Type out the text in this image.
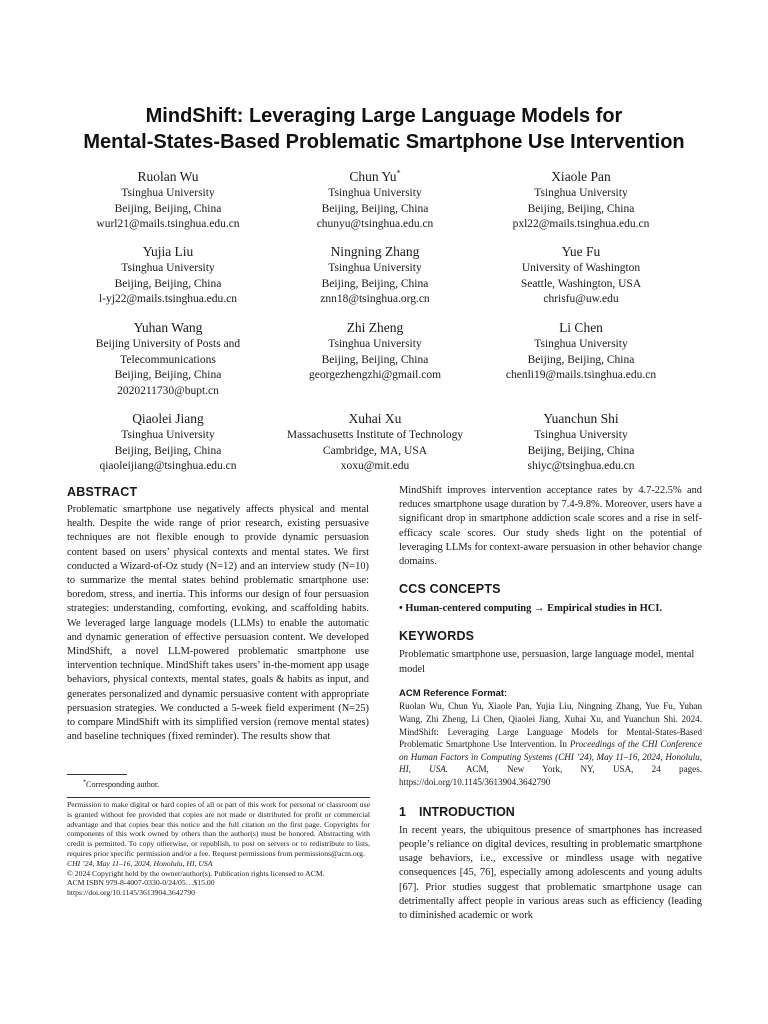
MindShift: Leveraging Large Language Models for
Mental-States-Based Problematic Smartphone Use Intervention
Ruolan Wu
Tsinghua University
Beijing, Beijing, China
wurl21@mails.tsinghua.edu.cn
Chun Yu*
Tsinghua University
Beijing, Beijing, China
chunyu@tsinghua.edu.cn
Xiaole Pan
Tsinghua University
Beijing, Beijing, China
pxl22@mails.tsinghua.edu.cn
Yujia Liu
Tsinghua University
Beijing, Beijing, China
l-yj22@mails.tsinghua.edu.cn
Ningning Zhang
Tsinghua University
Beijing, Beijing, China
znn18@tsinghua.org.cn
Yue Fu
University of Washington
Seattle, Washington, USA
chrisfu@uw.edu
Yuhan Wang
Beijing University of Posts and
Telecommunications
Beijing, Beijing, China
2020211730@bupt.cn
Zhi Zheng
Tsinghua University
Beijing, Beijing, China
georgezhengzhi@gmail.com
Li Chen
Tsinghua University
Beijing, Beijing, China
chenli19@mails.tsinghua.edu.cn
Qiaolei Jiang
Tsinghua University
Beijing, Beijing, China
qiaoleijiang@tsinghua.edu.cn
Xuhai Xu
Massachusetts Institute of Technology
Cambridge, MA, USA
xoxu@mit.edu
Yuanchun Shi
Tsinghua University
Beijing, Beijing, China
shiyc@tsinghua.edu.cn
ABSTRACT
Problematic smartphone use negatively affects physical and mental health. Despite the wide range of prior research, existing persuasive techniques are not flexible enough to provide dynamic persuasion content based on users’ physical contexts and mental states. We first conducted a Wizard-of-Oz study (N=12) and an interview study (N=10) to summarize the mental states behind problematic smartphone use: boredom, stress, and inertia. This informs our design of four persuasion strategies: understanding, comforting, evoking, and scaffolding habits. We leveraged large language models (LLMs) to enable the automatic and dynamic generation of effective persuasion content. We developed MindShift, a novel LLM-powered problematic smartphone use intervention technique. MindShift takes users’ in-the-moment app usage behaviors, physical contexts, mental states, goals & habits as input, and generates personalized and dynamic persuasive content with appropriate persuasion strategies. We conducted a 5-week field experiment (N=25) to compare MindShift with its simplified version (remove mental states) and baseline techniques (fixed reminder). The results show that
*Corresponding author.
Permission to make digital or hard copies of all or part of this work for personal or classroom use is granted without fee provided that copies are not made or distributed for profit or commercial advantage and that copies bear this notice and the full citation on the first page. Copyrights for components of this work owned by others than the author(s) must be honored. Abstracting with credit is permitted. To copy otherwise, or republish, to post on servers or to redistribute to lists, requires prior specific permission and/or a fee. Request permissions from permissions@acm.org.
CHI ’24, May 11–16, 2024, Honolulu, HI, USA
© 2024 Copyright held by the owner/author(s). Publication rights licensed to ACM.
ACM ISBN 979-8-4007-0330-0/24/05…$15.00
https://doi.org/10.1145/3613904.3642790
MindShift improves intervention acceptance rates by 4.7-22.5% and reduces smartphone usage duration by 7.4-9.8%. Moreover, users have a significant drop in smartphone addiction scale scores and a rise in self-efficacy scale scores. Our study sheds light on the potential of leveraging LLMs for context-aware persuasion in other behavior change domains.
CCS CONCEPTS
• Human-centered computing → Empirical studies in HCI.
KEYWORDS
Problematic smartphone use, persuasion, large language model, mental model
ACM Reference Format:
Ruolan Wu, Chun Yu, Xiaole Pan, Yujia Liu, Ningning Zhang, Yue Fu, Yuhan Wang, Zhi Zheng, Li Chen, Qiaolei Jiang, Xuhai Xu, and Yuanchun Shi. 2024. MindShift: Leveraging Large Language Models for Mental-States-Based Problematic Smartphone Use Intervention. In Proceedings of the CHI Conference on Human Factors in Computing Systems (CHI ’24), May 11–16, 2024, Honolulu, HI, USA. ACM, New York, NY, USA, 24 pages. https://doi.org/10.1145/3613904.3642790
1 INTRODUCTION
In recent years, the ubiquitous presence of smartphones has increased people’s reliance on digital devices, resulting in problematic smartphone usage behaviors, i.e., excessive or mindless usage with negative consequences [45, 76], especially among adolescents and young adults [67]. Prior studies suggest that problematic smartphone usage can detrimentally affect people in various areas such as efficiency (leading to diminished academic or work
